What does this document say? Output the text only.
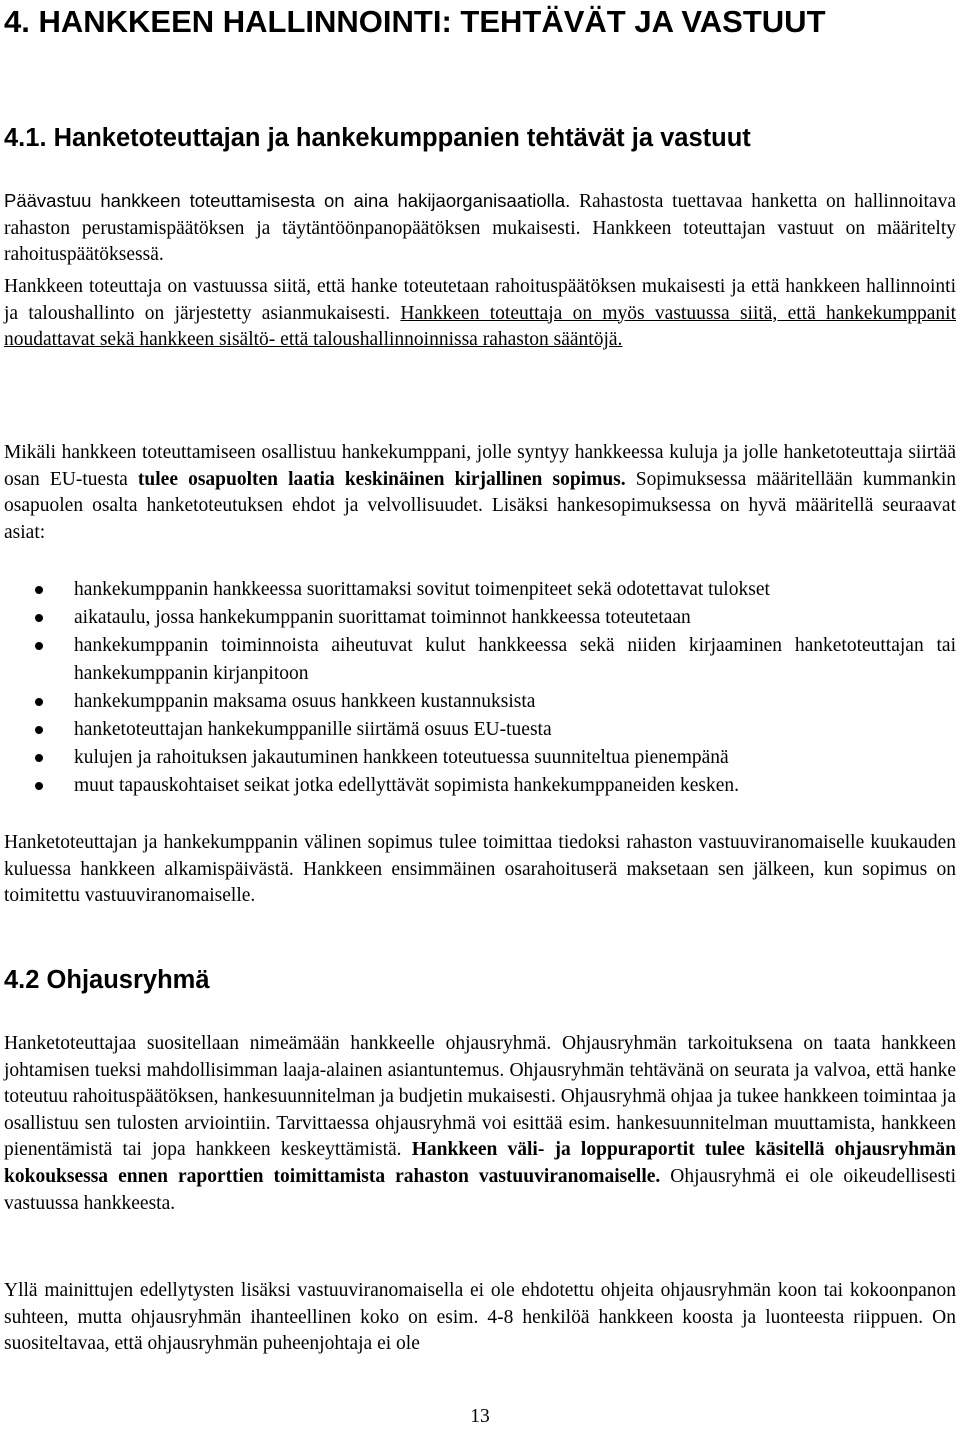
4. HANKKEEN HALLINNOINTI: TEHTÄVÄT JA VASTUUT
4.1. Hanketoteuttajan ja hankekumppanien tehtävät ja vastuut

Päävastuu hankkeen toteuttamisesta on aina hakijaorganisaatiolla. Rahastosta tuettavaa hanketta on hallinnoitava rahaston perustamispäätöksen ja täytäntöönpanopäätöksen mukaisesti. Hankkeen toteuttajan vastuut on määritelty rahoituspäätöksessä.

Hankkeen toteuttaja on vastuussa siitä, että hanke toteutetaan rahoituspäätöksen mukaisesti ja että hankkeen hallinnointi ja taloushallinto on järjestetty asianmukaisesti. Hankkeen toteuttaja on myös vastuussa siitä, että hankekumppanit noudattavat sekä hankkeen sisältö- että taloushallinnoinnissa rahaston sääntöjä.

Mikäli hankkeen toteuttamiseen osallistuu hankekumppani, jolle syntyy hankkeessa kuluja ja jolle hanketoteuttaja siirtää osan EU-tuesta tulee osapuolten laatia keskinäinen kirjallinen sopimus. Sopimuksessa määritellään kummankin osapuolen osalta hanketoteutuksen ehdot ja velvollisuudet. Lisäksi hankesopimuksessa on hyvä määritellä seuraavat asiat:

hankekumppanin hankkeessa suorittamaksi sovitut toimenpiteet sekä odotettavat tulokset
aikataulu, jossa hankekumppanin suorittamat toiminnot hankkeessa toteutetaan
hankekumppanin toiminnoista aiheutuvat kulut hankkeessa sekä niiden kirjaaminen hanketoteuttajan tai hankekumppanin kirjanpitoon
hankekumppanin maksama osuus hankkeen kustannuksista
hanketoteuttajan hankekumppanille siirtämä osuus EU-tuesta
kulujen ja rahoituksen jakautuminen hankkeen toteutuessa suunniteltua pienempänä
muut tapauskohtaiset seikat jotka edellyttävät sopimista hankekumppaneiden kesken.

Hanketoteuttajan ja hankekumppanin välinen sopimus tulee toimittaa tiedoksi rahaston vastuuviranomaiselle kuukauden kuluessa hankkeen alkamispäivästä. Hankkeen ensimmäinen osarahoituserä maksetaan sen jälkeen, kun sopimus on toimitettu vastuuviranomaiselle.

4.2 Ohjausryhmä

Hanketoteuttajaa suositellaan nimeämään hankkeelle ohjausryhmä. Ohjausryhmän tarkoituksena on taata hankkeen johtamisen tueksi mahdollisimman laaja-alainen asiantuntemus. Ohjausryhmän tehtävänä on seurata ja valvoa, että hanke toteutuu rahoituspäätöksen, hankesuunnitelman ja budjetin mukaisesti. Ohjausryhmä ohjaa ja tukee hankkeen toimintaa ja osallistuu sen tulosten arviointiin. Tarvittaessa ohjausryhmä voi esittää esim. hankesuunnitelman muuttamista, hankkeen pienentämistä tai jopa hankkeen keskeyttämistä. Hankkeen väli- ja loppuraportit tulee käsitellä ohjausryhmän kokouksessa ennen raporttien toimittamista rahaston vastuuviranomaiselle. Ohjausryhmä ei ole oikeudellisesti vastuussa hankkeesta.

Yllä mainittujen edellytysten lisäksi vastuuviranomaisella ei ole ehdotettu ohjeita ohjausryhmän koon tai kokoonpanon suhteen, mutta ohjausryhmän ihanteellinen koko on esim. 4-8 henkilöä hankkeen koosta ja luonteesta riippuen. On suositeltavaa, että ohjausryhmän puheenjohtaja ei ole

13
